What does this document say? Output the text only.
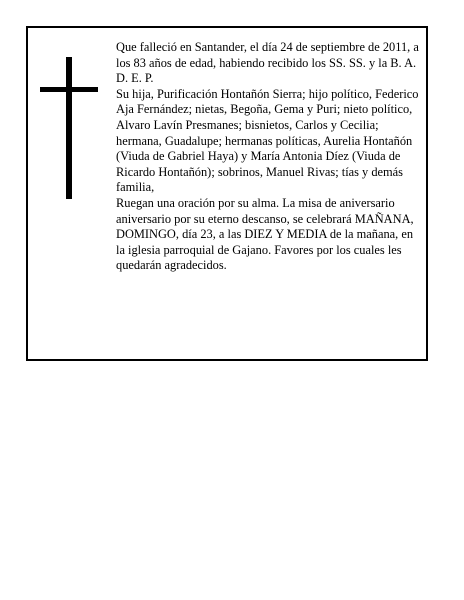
Que falleció en Santander, el día 24 de septiembre de 2011, a los 83 años de edad, habiendo recibido los SS. SS. y la B. A.

D. E. P.

Su hija, Purificación Hontañón Sierra; hijo político, Federico Aja Fernández; nietas, Begoña, Gema y Puri; nieto político, Alvaro Lavín Presmanes; bisnietos, Carlos y Cecilia; hermana, Guadalupe; hermanas políticas, Aurelia Hontañón (Viuda de Gabriel Haya) y María Antonia Díez (Viuda de Ricardo Hontañón); sobrinos, Manuel Rivas; tías y demás familia,

Ruegan una oración por su alma. La misa de aniversario aniversario por su eterno descanso, se celebrará MAÑANA, DOMINGO, día 23, a las DIEZ Y MEDIA de la mañana, en la iglesia parroquial de Gajano. Favores por los cuales les quedarán agradecidos.
